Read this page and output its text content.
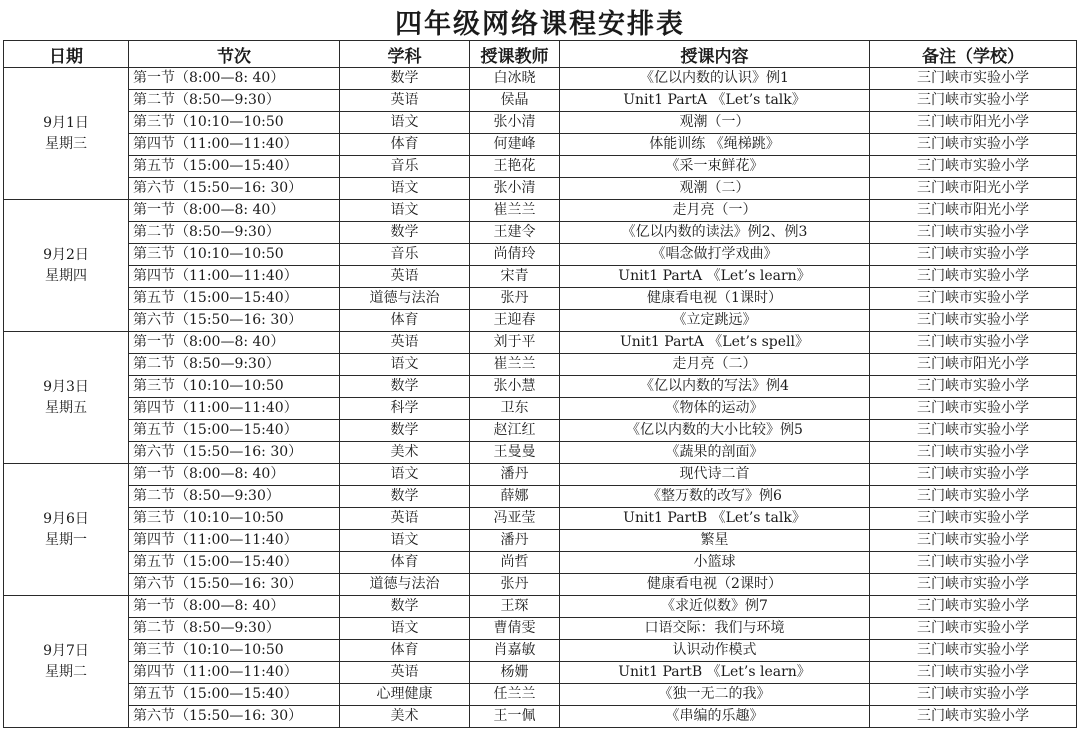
四年级网络课程安排表
日期	节次	学科	授课教师	授课内容	备注（学校）

9月1日
星期三	第一节（8:00—8: 40）	数学	白冰晓	《亿以内数的认识》例1	三门峡市实验小学
	第二节（8:50—9:30）	英语	侯晶	Unit1 PartA 《Let’s talk》	三门峡市实验小学
	第三节（10:10—10:50	语文	张小清	观潮（一）	三门峡市阳光小学
	第四节（11:00—11:40）	体育	何建峰	体能训练 《绳梯跳》	三门峡市实验小学
	第五节（15:00—15:40）	音乐	王艳花	《采一束鲜花》	三门峡市实验小学
	第六节（15:50—16: 30）	语文	张小清	观潮（二）	三门峡市阳光小学

9月2日
星期四	第一节（8:00—8: 40）	语文	崔兰兰	走月亮（一）	三门峡市阳光小学
	第二节（8:50—9:30）	数学	王建令	《亿以内数的读法》例2、例3	三门峡市实验小学
	第三节（10:10—10:50	音乐	尚倩玲	《唱念做打学戏曲》	三门峡市实验小学
	第四节（11:00—11:40）	英语	宋青	Unit1 PartA 《Let’s learn》	三门峡市实验小学
	第五节（15:00—15:40）	道德与法治	张丹	健康看电视（1课时）	三门峡市实验小学
	第六节（15:50—16: 30）	体育	王迎春	《立定跳远》	三门峡市实验小学

9月3日
星期五	第一节（8:00—8: 40）	英语	刘于平	Unit1 PartA 《Let’s spell》	三门峡市实验小学
	第二节（8:50—9:30）	语文	崔兰兰	走月亮（二）	三门峡市阳光小学
	第三节（10:10—10:50	数学	张小慧	《亿以内数的写法》例4	三门峡市实验小学
	第四节（11:00—11:40）	科学	卫东	《物体的运动》	三门峡市实验小学
	第五节（15:00—15:40）	数学	赵江红	《亿以内数的大小比较》例5	三门峡市实验小学
	第六节（15:50—16: 30）	美术	王曼曼	《蔬果的剖面》	三门峡市实验小学

9月6日
星期一	第一节（8:00—8: 40）	语文	潘丹	现代诗二首	三门峡市实验小学
	第二节（8:50—9:30）	数学	薛娜	《整万数的改写》例6	三门峡市实验小学
	第三节（10:10—10:50	英语	冯亚莹	Unit1 PartB 《Let’s talk》	三门峡市实验小学
	第四节（11:00—11:40）	语文	潘丹	繁星	三门峡市实验小学
	第五节（15:00—15:40）	体育	尚哲	小篮球	三门峡市实验小学
	第六节（15:50—16: 30）	道德与法治	张丹	健康看电视（2课时）	三门峡市实验小学

9月7日
星期二	第一节（8:00—8: 40）	数学	王琛	《求近似数》例7	三门峡市实验小学
	第二节（8:50—9:30）	语文	曹倩雯	口语交际：我们与环境	三门峡市实验小学
	第三节（10:10—10:50	体育	肖嘉敏	认识动作模式	三门峡市实验小学
	第四节（11:00—11:40）	英语	杨姗	Unit1 PartB 《Let’s learn》	三门峡市实验小学
	第五节（15:00—15:40）	心理健康	任兰兰	《独一无二的我》	三门峡市实验小学
	第六节（15:50—16: 30）	美术	王一佩	《串编的乐趣》	三门峡市实验小学
